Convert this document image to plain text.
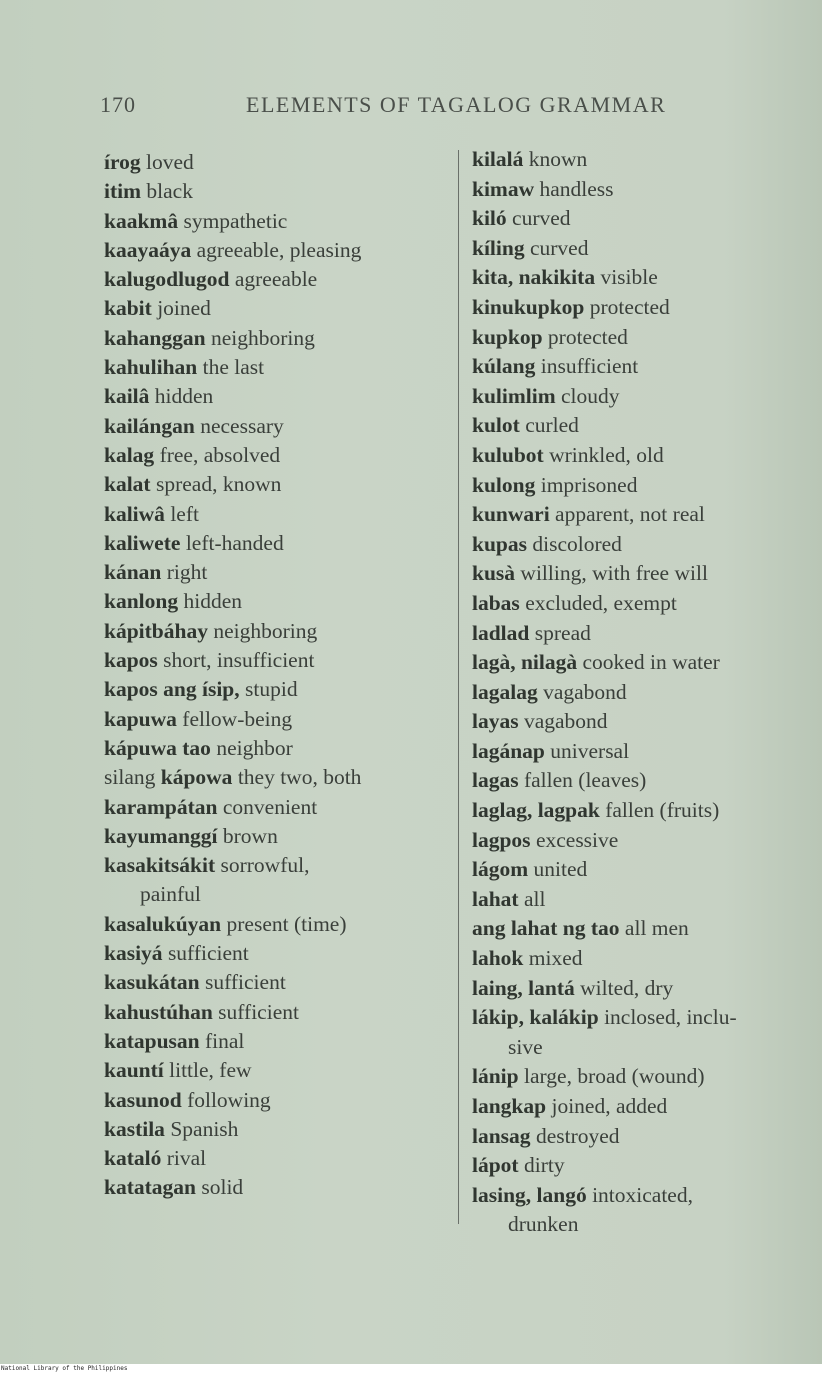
170	ELEMENTS OF TAGALOG GRAMMAR
írog loved
itim black
kaakmâ sympathetic
kaayaáya agreeable, pleasing
kalugodlugod agreeable
kabit joined
kahanggan neighboring
kahulihan the last
kailâ hidden
kailángan necessary
kalag free, absolved
kalat spread, known
kaliwâ left
kaliwete left-handed
kánan right
kanlong hidden
kápitbáhay neighboring
kapos short, insufficient
kapos ang ísip, stupid
kapuwa fellow-being
kápuwa tao neighbor
silang kápowa they two, both
karampátan convenient
kayumanggí brown
kasakitsákit sorrowful,
painful
kasalukúyan present (time)
kasiyá sufficient
kasukátan sufficient
kahustúhan sufficient
katapusan final
kauntí little, few
kasunod following
kastila Spanish
kataló rival
katatagan solid
kilalá known
kimaw handless
kiló curved
kíling curved
kita, nakikita visible
kinukupkop protected
kupkop protected
kúlang insufficient
kulimlim cloudy
kulot curled
kulubot wrinkled, old
kulong imprisoned
kunwari apparent, not real
kupas discolored
kusà willing, with free will
labas excluded, exempt
ladlad spread
lagà, nilagà cooked in water
lagalag vagabond
layas vagabond
lagánap universal
lagas fallen (leaves)
laglag, lagpak fallen (fruits)
lagpos excessive
lágom united
lahat all
ang lahat ng tao all men
lahok mixed
laing, lantá wilted, dry
lákip, kalákip inclosed, inclu-
sive
lánip large, broad (wound)
langkap joined, added
lansag destroyed
lápot dirty
lasing, langó intoxicated,
drunken
National Library of the Philippines
